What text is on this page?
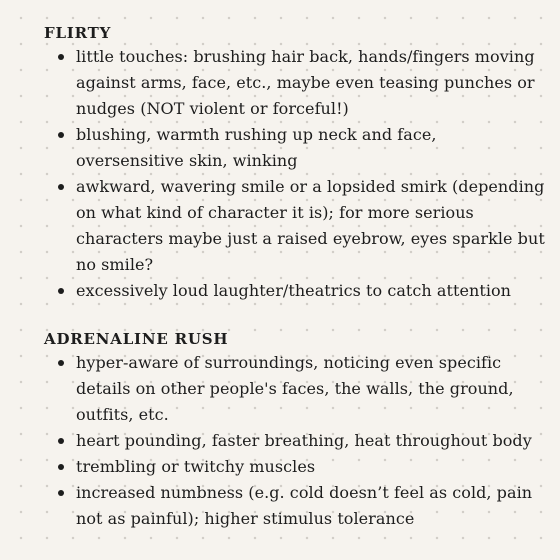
FLIRTY
little touches: brushing hair back, hands/fingers moving against arms, face, etc., maybe even teasing punches or nudges (NOT violent or forceful!)
blushing, warmth rushing up neck and face, oversensitive skin, winking
awkward, wavering smile or a lopsided smirk (depending on what kind of character it is); for more serious characters maybe just a raised eyebrow, eyes sparkle but no smile?
excessively loud laughter/theatrics to catch attention
ADRENALINE RUSH
hyper-aware of surroundings, noticing even specific details on other people's faces, the walls, the ground, outfits, etc.
heart pounding, faster breathing, heat throughout body
trembling or twitchy muscles
increased numbness (e.g. cold doesn’t feel as cold, pain not as painful); higher stimulus tolerance
